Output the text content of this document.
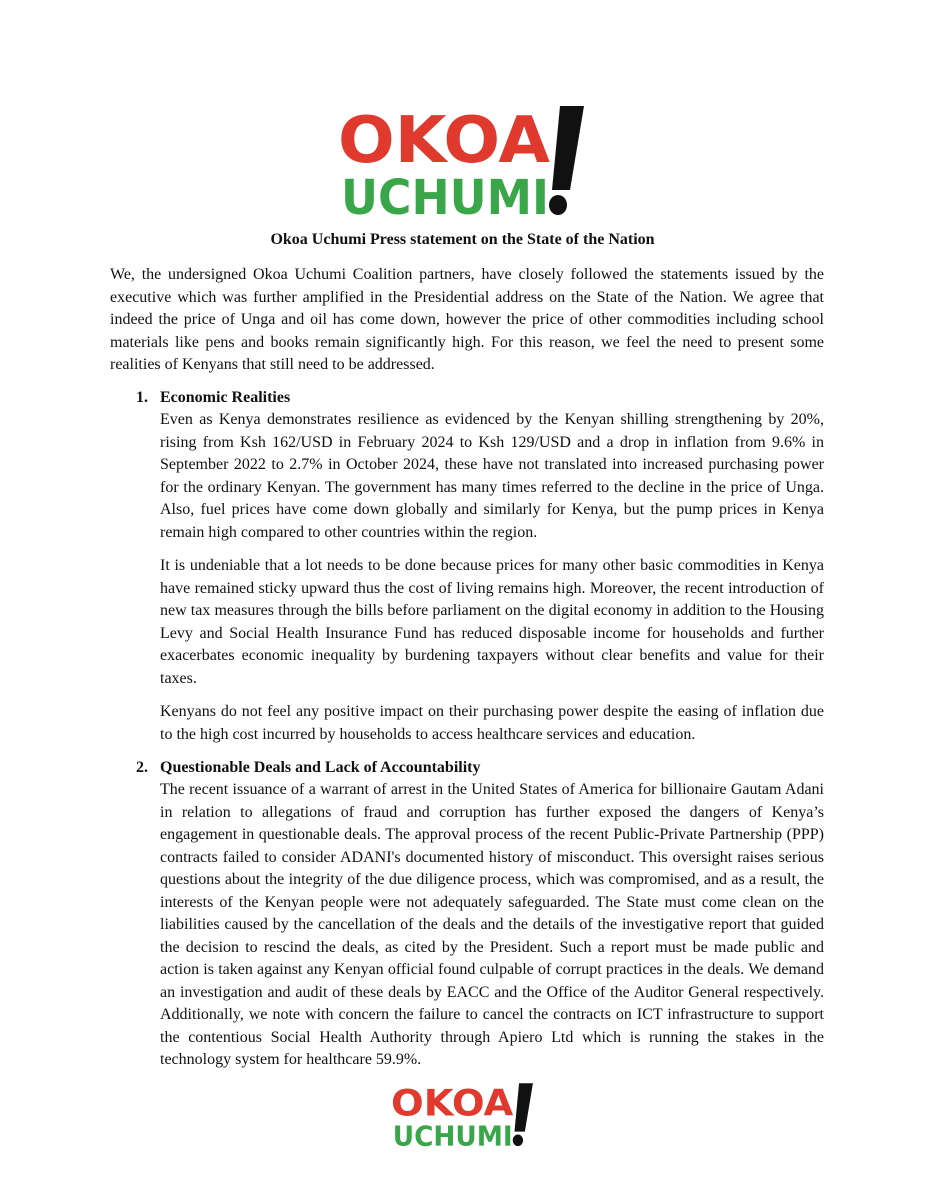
OKOA
UCHUMI
Okoa Uchumi Press statement on the State of the Nation

We, the undersigned Okoa Uchumi Coalition partners, have closely followed the statements issued by the executive which was further amplified in the Presidential address on the State of the Nation. We agree that indeed the price of Unga and oil has come down, however the price of other commodities including school materials like pens and books remain significantly high. For this reason, we feel the need to present some realities of Kenyans that still need to be addressed.

1. Economic Realities

Even as Kenya demonstrates resilience as evidenced by the Kenyan shilling strengthening by 20%, rising from Ksh 162/USD in February 2024 to Ksh 129/USD and a drop in inflation from 9.6% in September 2022 to 2.7% in October 2024, these have not translated into increased purchasing power for the ordinary Kenyan. The government has many times referred to the decline in the price of Unga. Also, fuel prices have come down globally and similarly for Kenya, but the pump prices in Kenya remain high compared to other countries within the region.

It is undeniable that a lot needs to be done because prices for many other basic commodities in Kenya have remained sticky upward thus the cost of living remains high. Moreover, the recent introduction of new tax measures through the bills before parliament on the digital economy in addition to the Housing Levy and Social Health Insurance Fund has reduced disposable income for households and further exacerbates economic inequality by burdening taxpayers without clear benefits and value for their taxes.

Kenyans do not feel any positive impact on their purchasing power despite the easing of inflation due to the high cost incurred by households to access healthcare services and education.

2. Questionable Deals and Lack of Accountability

The recent issuance of a warrant of arrest in the United States of America for billionaire Gautam Adani in relation to allegations of fraud and corruption has further exposed the dangers of Kenya’s engagement in questionable deals. The approval process of the recent Public-Private Partnership (PPP) contracts failed to consider ADANI's documented history of misconduct. This oversight raises serious questions about the integrity of the due diligence process, which was compromised, and as a result, the interests of the Kenyan people were not adequately safeguarded. The State must come clean on the liabilities caused by the cancellation of the deals and the details of the investigative report that guided the decision to rescind the deals, as cited by the President. Such a report must be made public and action is taken against any Kenyan official found culpable of corrupt practices in the deals. We demand an investigation and audit of these deals by EACC and the Office of the Auditor General respectively. Additionally, we note with concern the failure to cancel the contracts on ICT infrastructure to support the contentious Social Health Authority through Apiero Ltd which is running the stakes in the technology system for healthcare 59.9%.

OKOA
UCHUMI
